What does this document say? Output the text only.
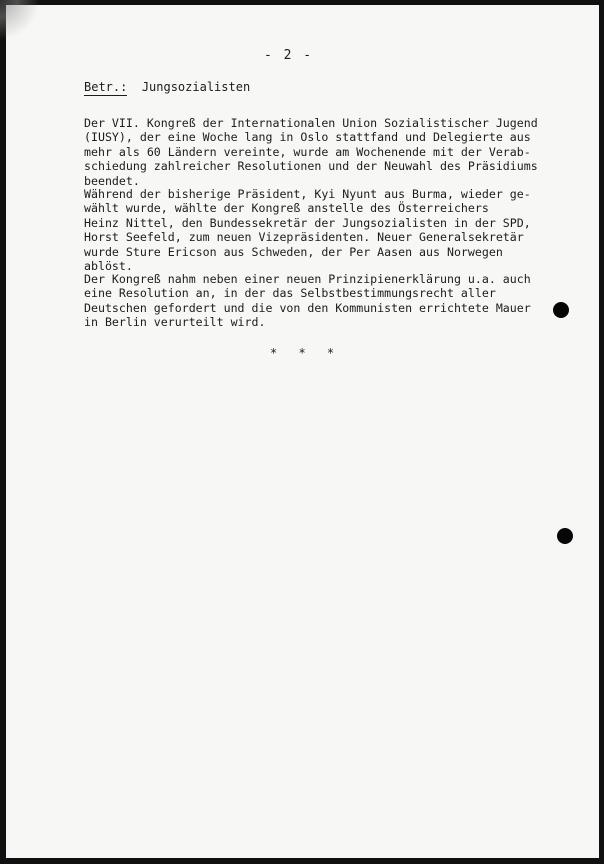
- 2 -
Betr.: Jungsozialisten
Der VII. Kongreß der Internationalen Union Sozialistischer Jugend
(IUSY), der eine Woche lang in Oslo stattfand und Delegierte aus
mehr als 60 Ländern vereinte, wurde am Wochenende mit der Verab-
schiedung zahlreicher Resolutionen und der Neuwahl des Präsidiums
beendet.
Während der bisherige Präsident, Kyi Nyunt aus Burma, wieder ge-
wählt wurde, wählte der Kongreß anstelle des Österreichers
Heinz Nittel, den Bundessekretär der Jungsozialisten in der SPD,
Horst Seefeld, zum neuen Vizepräsidenten. Neuer Generalsekretär
wurde Sture Ericson aus Schweden, der Per Aasen aus Norwegen
ablöst.
Der Kongreß nahm neben einer neuen Prinzipienerklärung u.a. auch
eine Resolution an, in der das Selbstbestimmungsrecht aller
Deutschen gefordert und die von den Kommunisten errichtete Mauer
in Berlin verurteilt wird.
* * *
